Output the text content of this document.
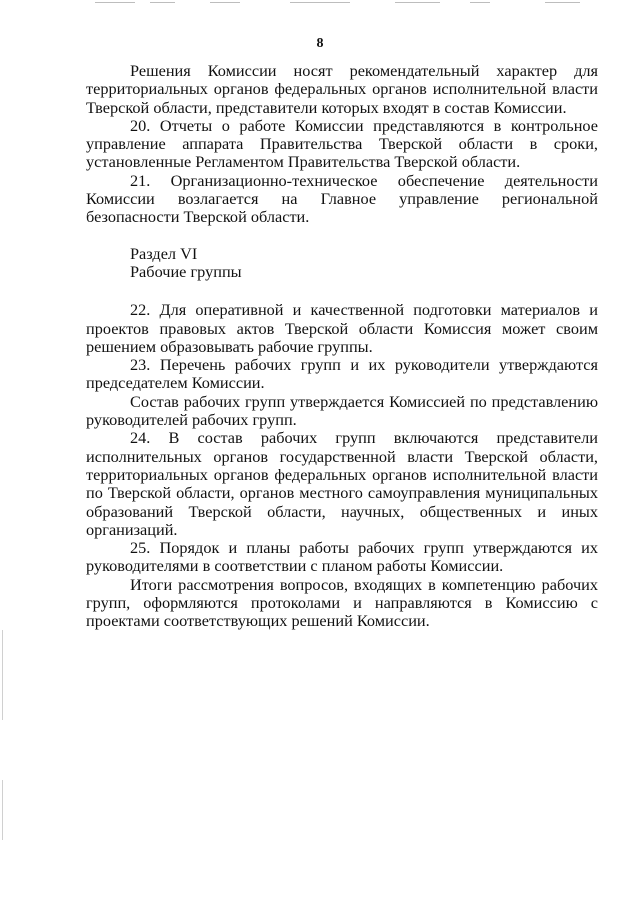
8

Решения Комиссии носят рекомендательный характер для территориальных органов федеральных органов исполнительной власти Тверской области, представители которых входят в состав Комиссии.

20. Отчеты о работе Комиссии представляются в контрольное управление аппарата Правительства Тверской области в сроки, установленные Регламентом Правительства Тверской области.

21. Организационно-техническое обеспечение деятельности Комиссии возлагается на Главное управление региональной безопасности Тверской области.

Раздел VI

Рабочие группы

22. Для оперативной и качественной подготовки материалов и проектов правовых актов Тверской области Комиссия может своим решением образовывать рабочие группы.

23. Перечень рабочих групп и их руководители утверждаются председателем Комиссии.

Состав рабочих групп утверждается Комиссией по представлению руководителей рабочих групп.

24. В состав рабочих групп включаются представители исполнительных органов государственной власти Тверской области, территориальных органов федеральных органов исполнительной власти по Тверской области, органов местного самоуправления муниципальных образований Тверской области, научных, общественных и иных организаций.

25. Порядок и планы работы рабочих групп утверждаются их руководителями в соответствии с планом работы Комиссии.

Итоги рассмотрения вопросов, входящих в компетенцию рабочих групп, оформляются протоколами и направляются в Комиссию с проектами соответствующих решений Комиссии.
